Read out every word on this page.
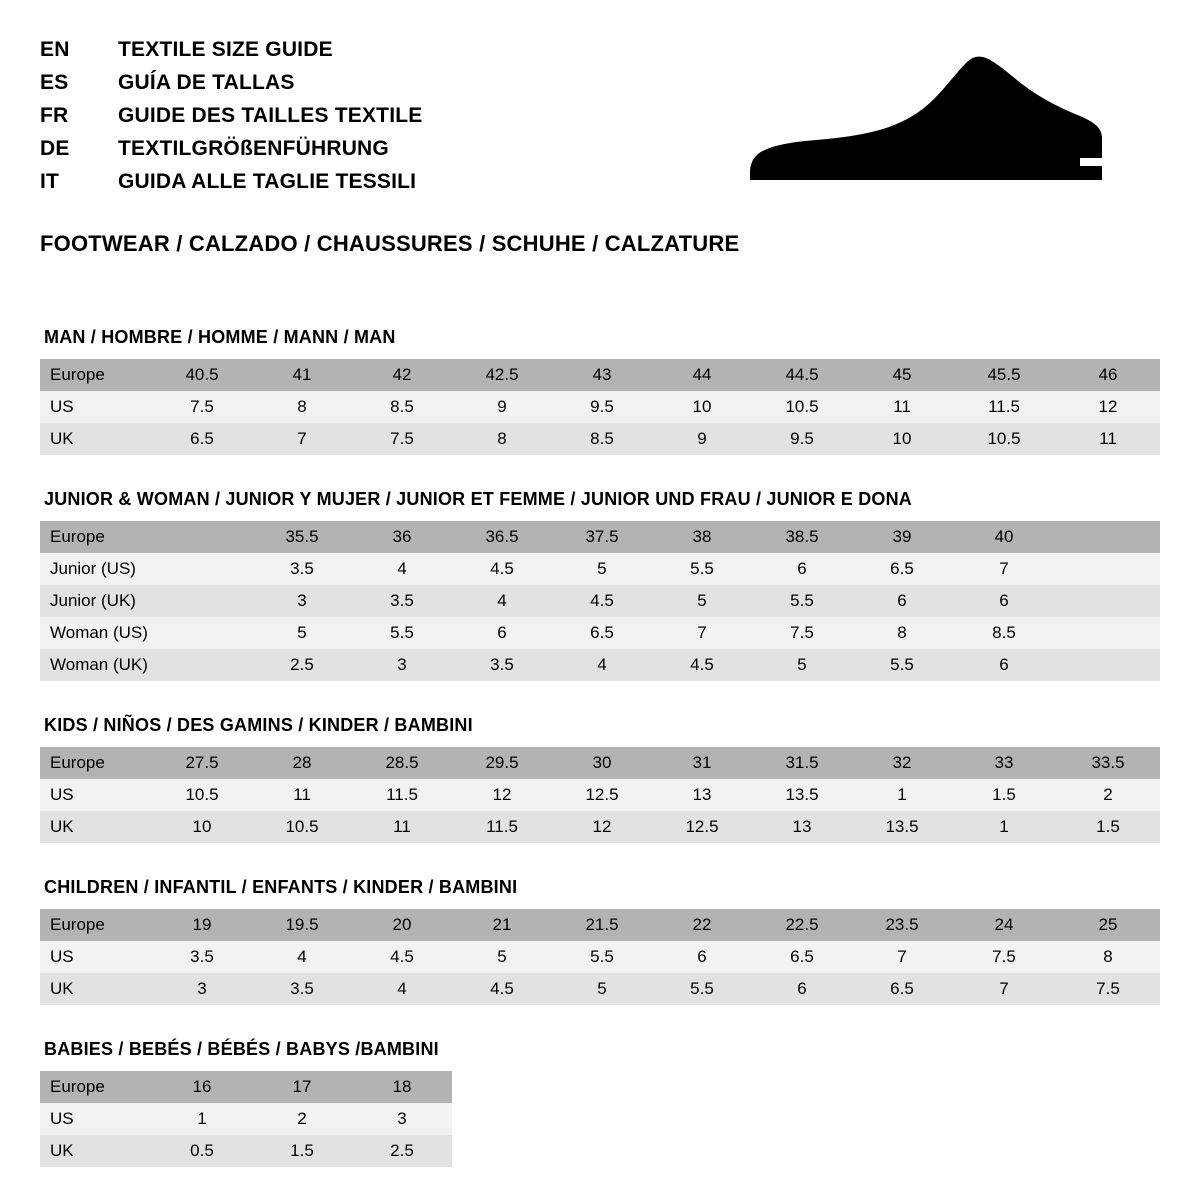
EN	TEXTILE SIZE GUIDE
ES	GUÍA DE TALLAS
FR	GUIDE DES TAILLES TEXTILE
DE	TEXTILGRÖßENFÜHRUNG
IT	GUIDA ALLE TAGLIE TESSILI
FOOTWEAR / CALZADO / CHAUSSURES / SCHUHE / CALZATURE
MAN / HOMBRE / HOMME / MANN / MAN
Europe	40.5	41	42	42.5	43	44	44.5	45	45.5	46
US	7.5	8	8.5	9	9.5	10	10.5	11	11.5	12
UK	6.5	7	7.5	8	8.5	9	9.5	10	10.5	11
JUNIOR & WOMAN / JUNIOR Y MUJER / JUNIOR ET FEMME / JUNIOR UND FRAU / JUNIOR E DONA
Europe		35.5	36	36.5	37.5	38	38.5	39	40	
Junior (US)		3.5	4	4.5	5	5.5	6	6.5	7	
Junior (UK)		3	3.5	4	4.5	5	5.5	6	6	
Woman (US)		5	5.5	6	6.5	7	7.5	8	8.5	
Woman (UK)		2.5	3	3.5	4	4.5	5	5.5	6	
KIDS / NIÑOS / DES GAMINS / KINDER / BAMBINI
Europe	27.5	28	28.5	29.5	30	31	31.5	32	33	33.5
US	10.5	11	11.5	12	12.5	13	13.5	1	1.5	2
UK	10	10.5	11	11.5	12	12.5	13	13.5	1	1.5
CHILDREN / INFANTIL / ENFANTS / KINDER / BAMBINI
Europe	19	19.5	20	21	21.5	22	22.5	23.5	24	25
US	3.5	4	4.5	5	5.5	6	6.5	7	7.5	8
UK	3	3.5	4	4.5	5	5.5	6	6.5	7	7.5
BABIES / BEBÉS / BÉBÉS / BABYS /BAMBINI
Europe	16	17	18
US	1	2	3
UK	0.5	1.5	2.5
